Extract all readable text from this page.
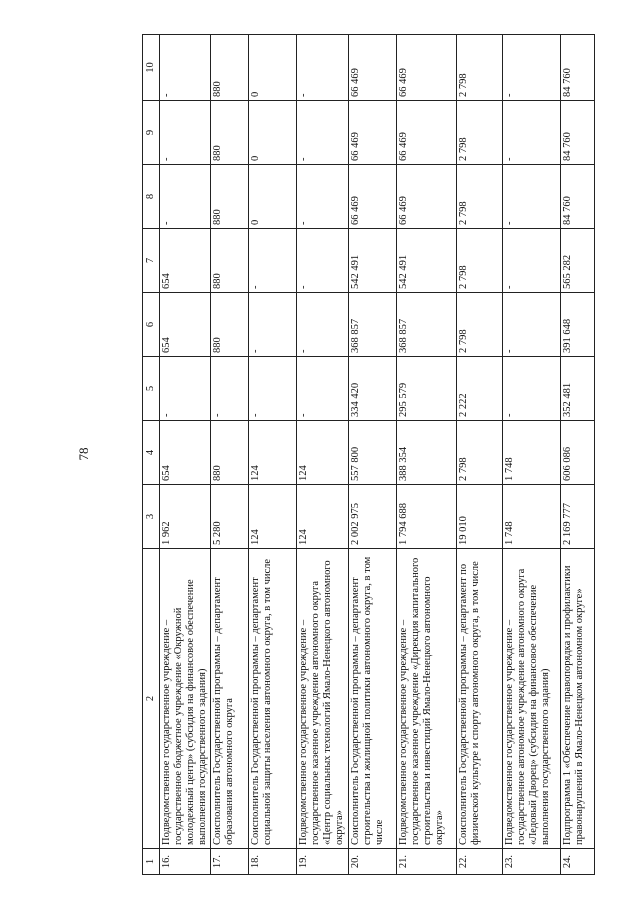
78
1	2	3	4	5	6	7	8	9	10
16.	Подведомственное государственное учреждение – государственное бюджетное учреждение «Окружной молодежный центр» (субсидия на финансовое обеспечение выполнения государственного задания)	1 962	654	-	654	654	-	-	-
17.	Соисполнитель Государственной программы – департамент образования автономного округа	5 280	880	-	880	880	880	880	880
18.	Соисполнитель Государственной программы – департамент социальной защиты населения автономного округа, в том числе	124	124	-	-	-	0	0	0
19.	Подведомственное государственное учреждение – государственное казенное учреждение автономного округа «Центр социальных технологий Ямало-Ненецкого автономного округа»	124	124	-	-	-	-	-	-
20.	Соисполнитель Государственной программы – департамент строительства и жилищной политики автономного округа, в том числе	2 002 975	557 800	334 420	368 857	542 491	66 469	66 469	66 469
21.	Подведомственное государственное учреждение – государственное казенное учреждение «Дирекция капитального строительства и инвестиций Ямало-Ненецкого автономного округа»	1 794 688	388 354	295 579	368 857	542 491	66 469	66 469	66 469
22.	Соисполнитель Государственной программы – департамент по физической культуре и спорту автономного округа, в том числе	19 010	2 798	2 222	2 798	2 798	2 798	2 798	2 798
23.	Подведомственное государственное учреждение – государственное автономное учреждение автономного округа «Ледовый Дворец» (субсидия на финансовое обеспечение выполнения государственного задания)	1 748	1 748	-	-	-	-	-	-
24.	Подпрограмма 1 «Обеспечение правопорядка и профилактики правонарушений в Ямало-Ненецком автономном округе»	2 169 777	606 086	352 481	391 648	565 282	84 760	84 760	84 760
